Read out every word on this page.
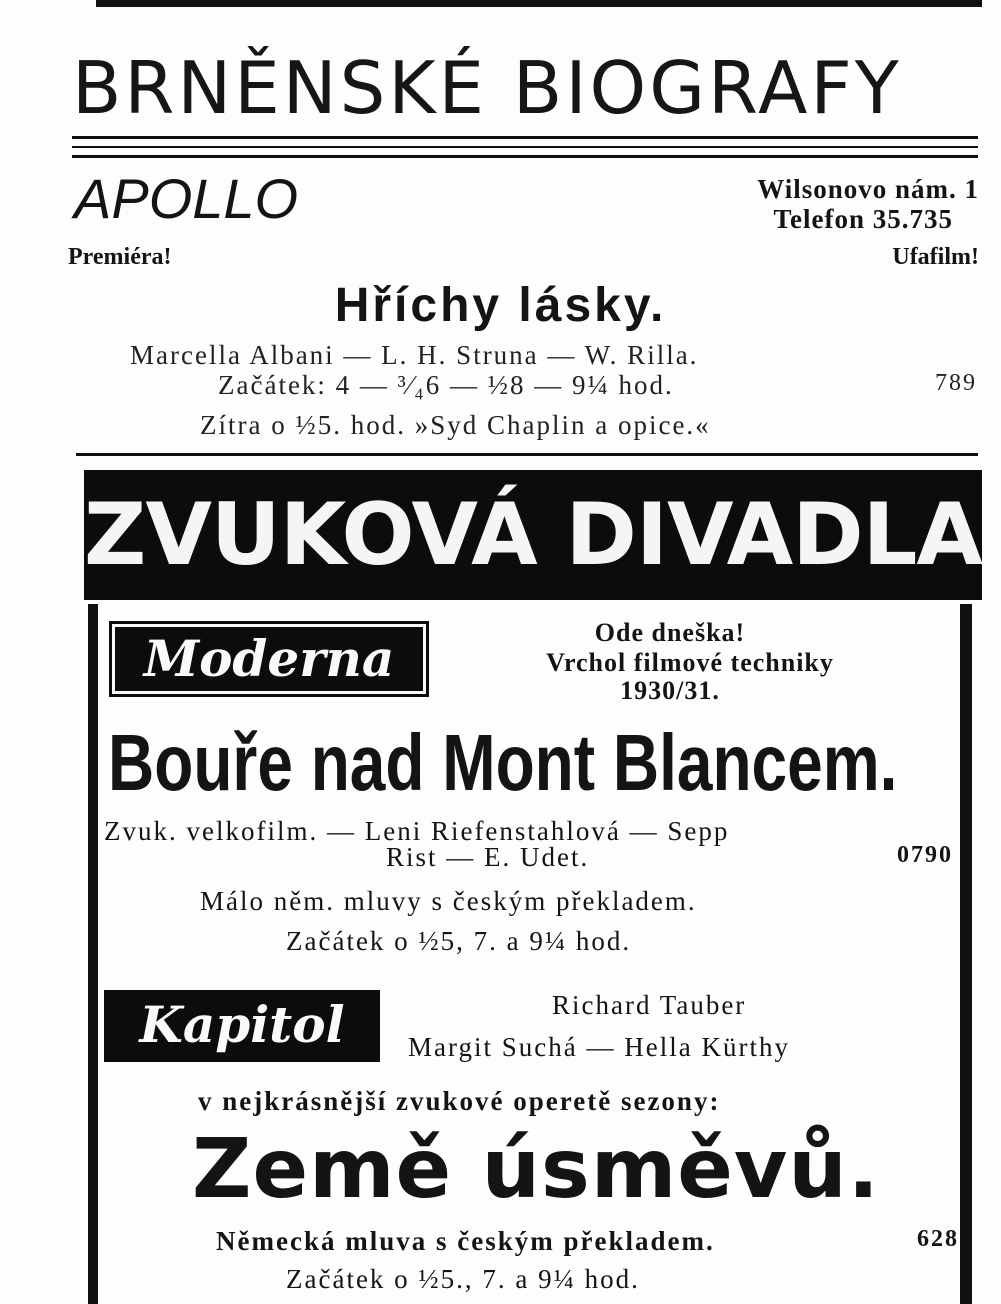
BRNĚNSKÉ BIOGRAFY
APOLLO	Wilsonovo nám. 1
Telefon 35.735
Premiéra!	Ufafilm!
Hříchy lásky.
Marcella Albani — L. H. Struna — W. Rilla.
Začátek: 4 — ³⁄₄6 — ½8 — 9¼ hod.	789
Zítra o ½5. hod. »Syd Chaplin a opice.«
ZVUKOVÁ DIVADLA
Moderna	Ode dneška!
Vrchol filmové techniky
1930/31.
Bouře nad Mont Blancem.
Zvuk. velkofilm. — Leni Riefenstahlová — Sepp
Rist — E. Udet.	0790
Málo něm. mluvy s českým překladem.
Začátek o ½5, 7. a 9¼ hod.
Kapitol	Richard Tauber
Margit Suchá — Hella Kürthy
v nejkrásnější zvukové operetě sezony:
Země úsměvů.
Německá mluva s českým překladem.	628
Začátek o ½5., 7. a 9¼ hod.
